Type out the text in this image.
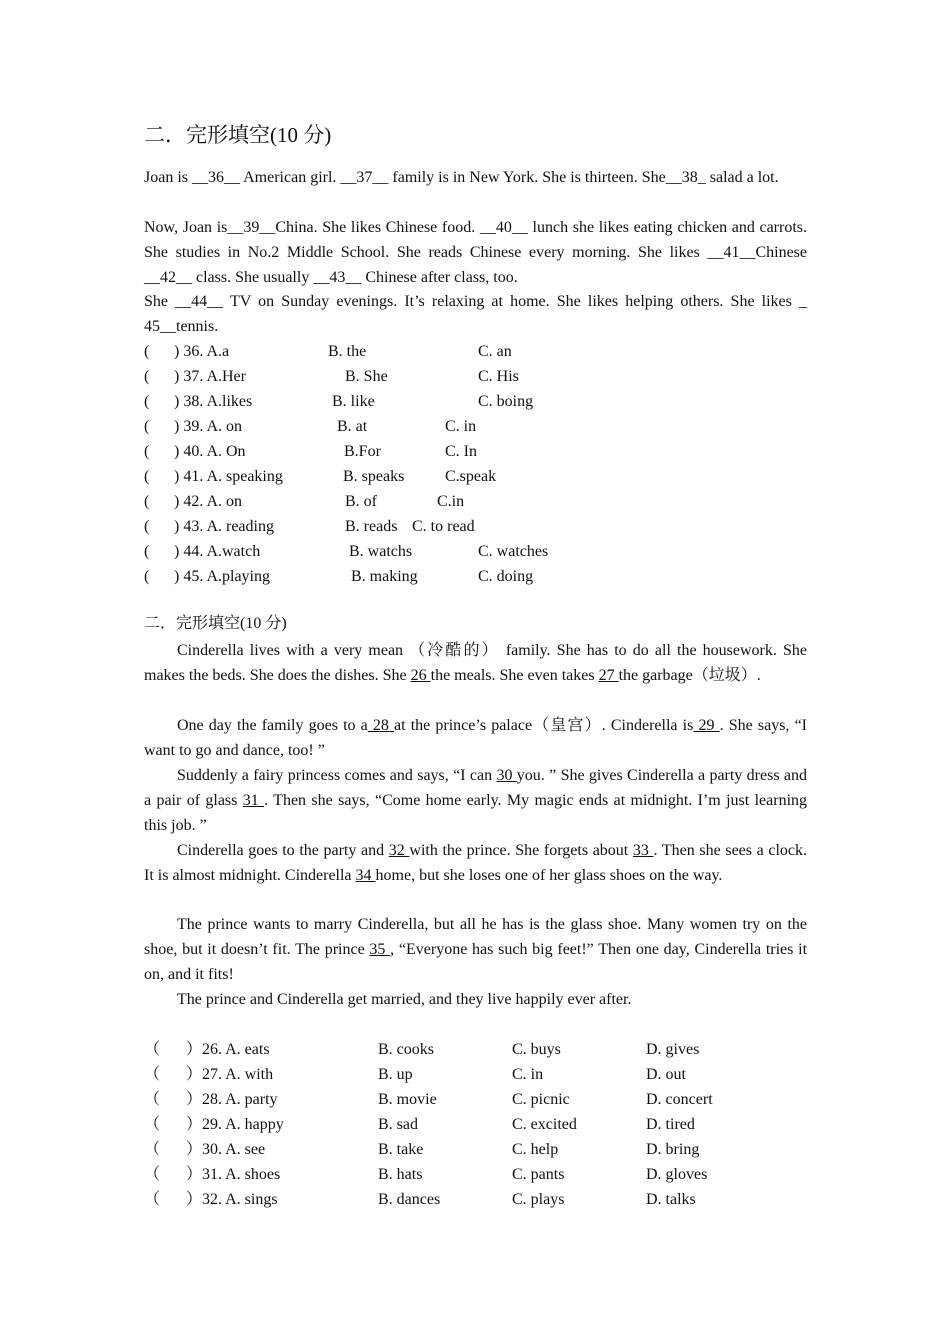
二．完形填空(10 分)
Joan is __36__ American girl. __37__ family is in New York. She is thirteen. She__38_ salad a lot.
Now, Joan is__39__China. She likes Chinese food. __40__ lunch she likes eating chicken and carrots. She studies in No.2 Middle School. She reads Chinese every morning. She likes __41__Chinese __42__ class. She usually __43__ Chinese after class, too.
She __44__ TV on Sunday evenings. It’s relaxing at home. She likes helping others. She likes _ 45__tennis.
( ) 36. A.a	B. the	C. an
( ) 37. A.Her	B. She	C. His
( ) 38. A.likes	B. like	C. boing
( ) 39. A. on	B. at	C. in
( ) 40. A. On	B.For	C. In
( ) 41. A. speaking	B. speaks	C.speak
( ) 42. A. on	B. of	C.in
( ) 43. A. reading	B. reads C. to read
( ) 44. A.watch	B. watchs	C. watches
( ) 45. A.playing	B. making	C. doing
二．完形填空(10 分)
Cinderella lives with a very mean （冷酷的） family. She has to do all the housework. She makes the beds. She does the dishes. She 26 the meals. She even takes 27 the garbage（垃圾）.
One day the family goes to a 28 at the prince’s palace（皇宫）. Cinderella is 29 . She says, “I want to go and dance, too! ”
Suddenly a fairy princess comes and says, “I can 30 you. ” She gives Cinderella a party dress and a pair of glass 31 . Then she says, “Come home early. My magic ends at midnight. I’m just learning this job. ”
Cinderella goes to the party and 32 with the prince. She forgets about 33 . Then she sees a clock. It is almost midnight. Cinderella 34 home, but she loses one of her glass shoes on the way.
The prince wants to marry Cinderella, but all he has is the glass shoe. Many women try on the shoe, but it doesn’t fit. The prince 35 , “Everyone has such big feet!” Then one day, Cinderella tries it on, and it fits!
The prince and Cinderella get married, and they live happily ever after.
（ ）26. A. eats	B. cooks	C. buys	D. gives
（ ）27. A. with	B. up	C. in	D. out
（ ）28. A. party	B. movie	C. picnic	D. concert
（ ）29. A. happy	B. sad	C. excited	D. tired
（ ）30. A. see	B. take	C. help	D. bring
（ ）31. A. shoes	B. hats	C. pants	D. gloves
（ ）32. A. sings	B. dances	C. plays	D. talks
